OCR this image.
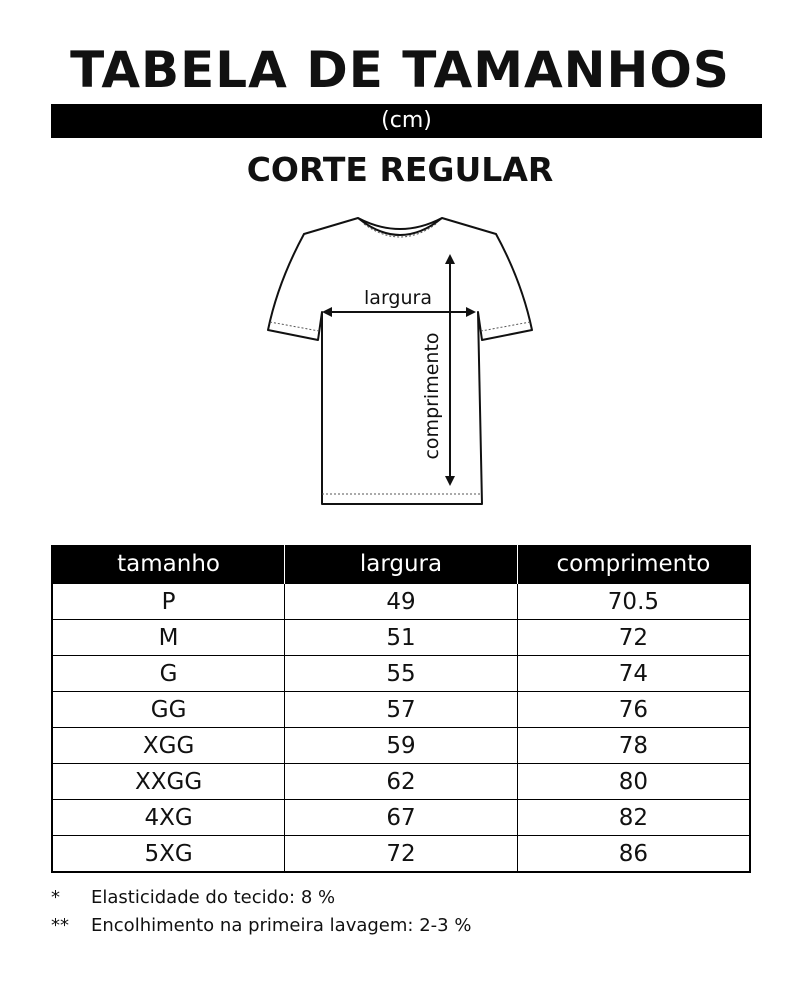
TABELA DE TAMANHOS
(cm)
CORTE REGULAR
largura
comprimento
tamanho	largura	comprimento
P	49	70.5
M	51	72
G	55	74
GG	57	76
XGG	59	78
XXGG	62	80
4XG	67	82
5XG	72	86
*	Elasticidade do tecido: 8 %
**	Encolhimento na primeira lavagem: 2-3 %
